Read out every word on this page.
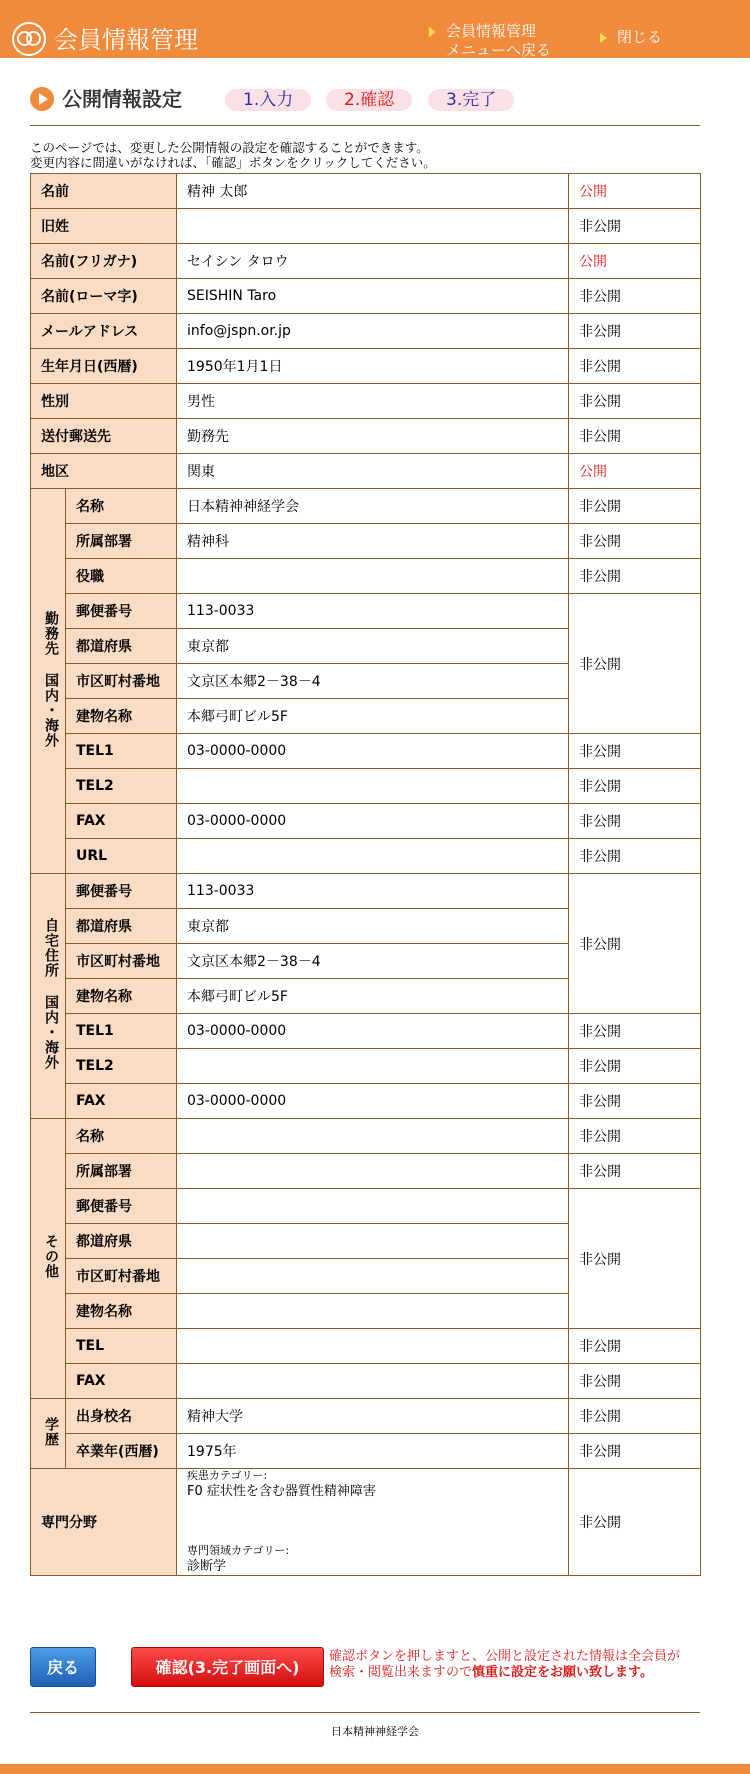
会員情報管理	会員情報管理
メニューへ戻る
閉じる
公開情報設定	1.入力	2.確認	3.完了
このページでは、変更した公開情報の設定を確認することができます。
変更内容に間違いがなければ、「確認」ボタンをクリックしてください。
名前		精神 太郎	公開
旧姓			非公開
名前(フリガナ)		セイシン タロウ	公開
名前(ローマ字)		SEISHIN Taro	非公開
メールアドレス		info@jspn.or.jp	非公開
生年月日(西暦)		1950年1月1日	非公開
性別		男性	非公開
送付郵送先		勤務先	非公開
地区		関東	公開
勤務先 国内・海外	名称	日本精神神経学会	非公開
	所属部署	精神科	非公開
	役職		非公開
	郵便番号	113-0033	非公開
	都道府県	東京都	
	市区町村番地	文京区本郷2－38－4	
	建物名称	本郷弓町ビル5F	
	TEL1	03-0000-0000	非公開
	TEL2		非公開
	FAX	03-0000-0000	非公開
	URL		非公開
自宅住所 国内・海外	郵便番号	113-0033	非公開
	都道府県	東京都	
	市区町村番地	文京区本郷2－38－4	
	建物名称	本郷弓町ビル5F	
	TEL1	03-0000-0000	非公開
	TEL2		非公開
	FAX	03-0000-0000	非公開
その他	名称		非公開
	所属部署		非公開
	郵便番号		非公開
	都道府県		
	市区町村番地		
	建物名称		
	TEL		非公開
	FAX		非公開
学歴	出身校名	精神大学	非公開
	卒業年(西暦)	1975年	非公開
専門分野		疾患カテゴリー:
F0 症状性を含む器質性精神障害
専門領域カテゴリー:
診断学	非公開
戻る	確認(3.完了画面へ)
確認ボタンを押しますと、公開と設定された情報は全会員が
検索・閲覧出来ますので慎重に設定をお願い致します。
日本精神神経学会
